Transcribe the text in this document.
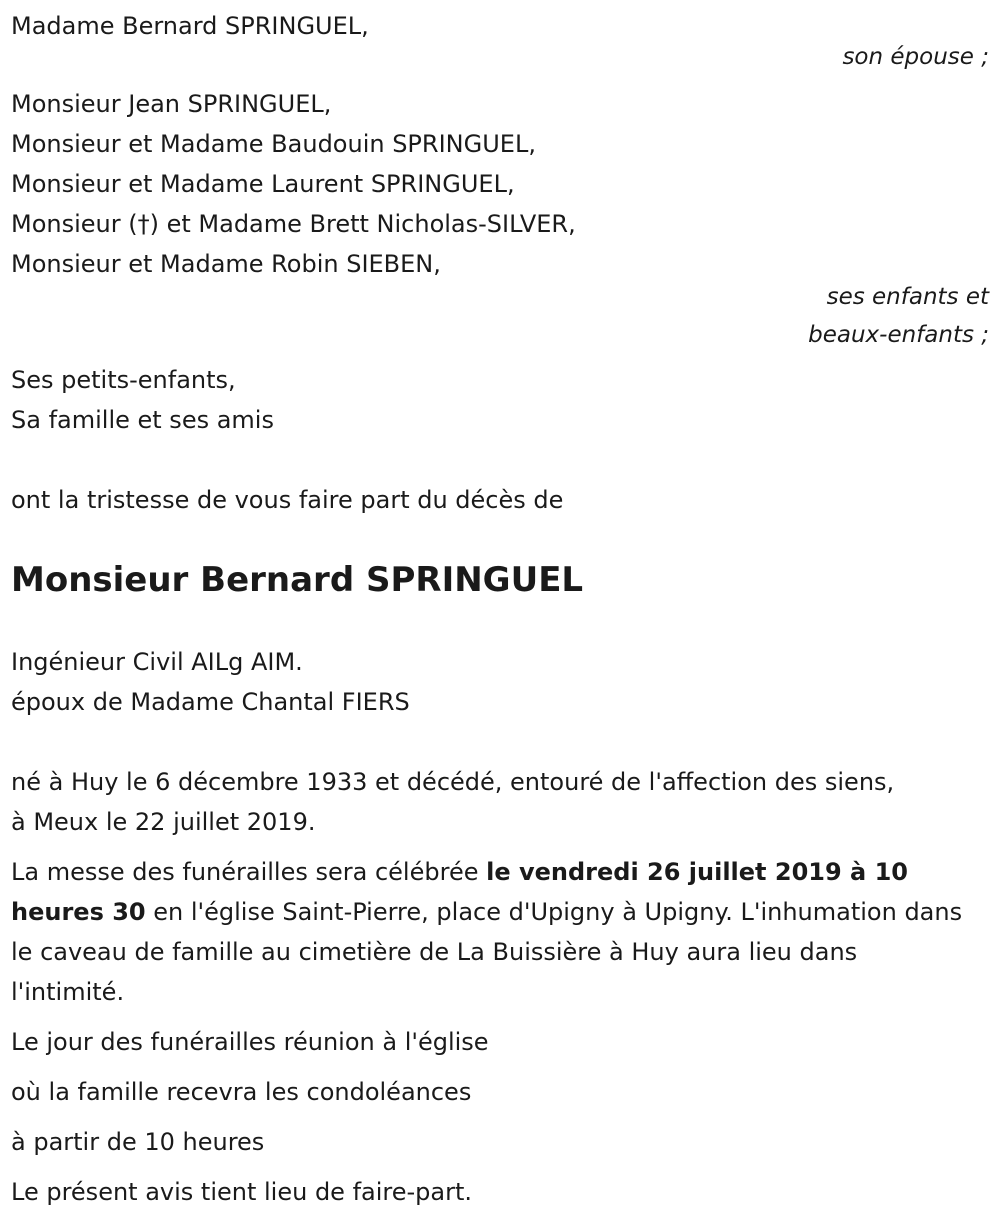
Madame Bernard SPRINGUEL,

son épouse ;

Monsieur Jean SPRINGUEL,

Monsieur et Madame Baudouin SPRINGUEL,

Monsieur et Madame Laurent SPRINGUEL,

Monsieur (†) et Madame Brett Nicholas-SILVER,

Monsieur et Madame Robin SIEBEN,

ses enfants et

beaux-enfants ;

Ses petits-enfants,

Sa famille et ses amis

ont la tristesse de vous faire part du décès de

Monsieur Bernard SPRINGUEL

Ingénieur Civil AILg AIM.

époux de Madame Chantal FIERS

né à Huy le 6 décembre 1933 et décédé, entouré de l'affection des siens,

à Meux le 22 juillet 2019.

La messe des funérailles sera célébrée le vendredi 26 juillet 2019 à 10 heures 30 en l'église Saint-Pierre, place d'Upigny à Upigny. L'inhumation dans le caveau de famille au cimetière de La Buissière à Huy aura lieu dans l'intimité.

Le jour des funérailles réunion à l'église

où la famille recevra les condoléances

à partir de 10 heures

Le présent avis tient lieu de faire-part.
